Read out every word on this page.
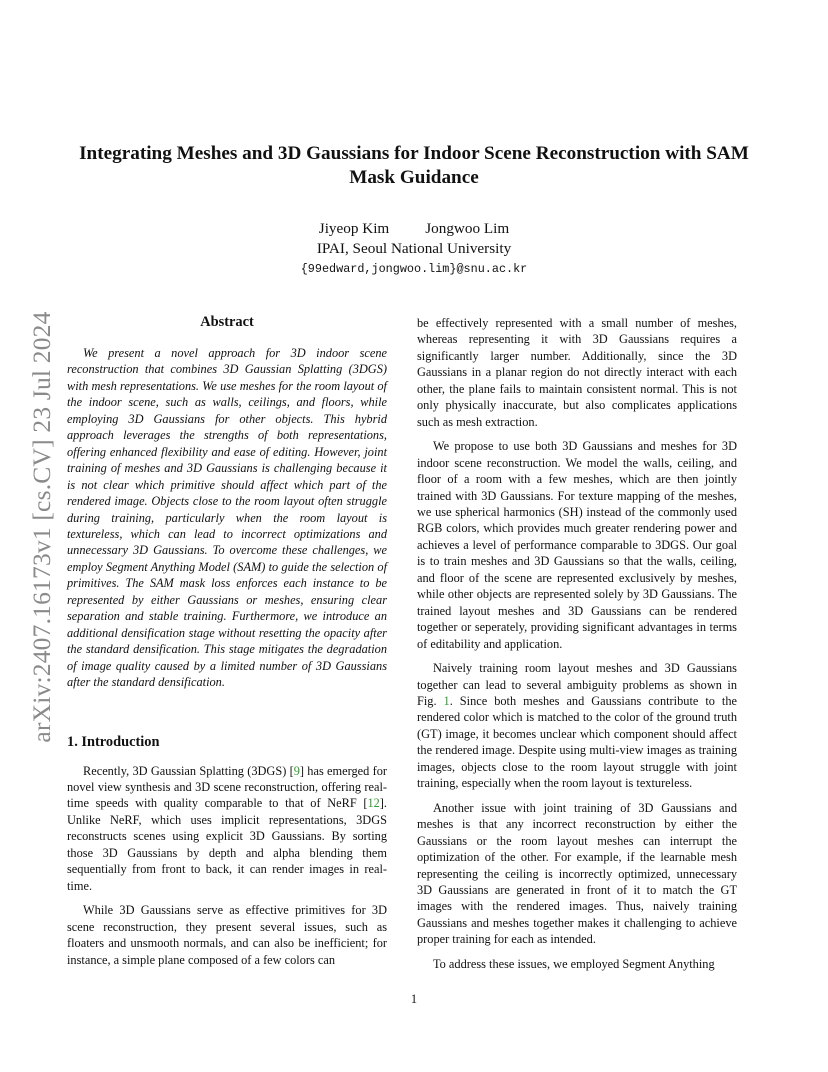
arXiv:2407.16173v1 [cs.CV] 23 Jul 2024
Integrating Meshes and 3D Gaussians for Indoor Scene Reconstruction with SAM Mask Guidance
Jiyeop Kim Jongwoo Lim
IPAI, Seoul National University
{99edward,jongwoo.lim}@snu.ac.kr
Abstract

We present a novel approach for 3D indoor scene reconstruction that combines 3D Gaussian Splatting (3DGS) with mesh representations. We use meshes for the room layout of the indoor scene, such as walls, ceilings, and floors, while employing 3D Gaussians for other objects. This hybrid approach leverages the strengths of both representations, offering enhanced flexibility and ease of editing. However, joint training of meshes and 3D Gaussians is challenging because it is not clear which primitive should affect which part of the rendered image. Objects close to the room layout often struggle during training, particularly when the room layout is textureless, which can lead to incorrect optimizations and unnecessary 3D Gaussians. To overcome these challenges, we employ Segment Anything Model (SAM) to guide the selection of primitives. The SAM mask loss enforces each instance to be represented by either Gaussians or meshes, ensuring clear separation and stable training. Furthermore, we introduce an additional densification stage without resetting the opacity after the standard densification. This stage mitigates the degradation of image quality caused by a limited number of 3D Gaussians after the standard densification.

1. Introduction

Recently, 3D Gaussian Splatting (3DGS) [9] has emerged for novel view synthesis and 3D scene reconstruction, offering real-time speeds with quality comparable to that of NeRF [12]. Unlike NeRF, which uses implicit representations, 3DGS reconstructs scenes using explicit 3D Gaussians. By sorting those 3D Gaussians by depth and alpha blending them sequentially from front to back, it can render images in real-time.

While 3D Gaussians serve as effective primitives for 3D scene reconstruction, they present several issues, such as floaters and unsmooth normals, and can also be inefficient; for instance, a simple plane composed of a few colors can

be effectively represented with a small number of meshes, whereas representing it with 3D Gaussians requires a significantly larger number. Additionally, since the 3D Gaussians in a planar region do not directly interact with each other, the plane fails to maintain consistent normal. This is not only physically inaccurate, but also complicates applications such as mesh extraction.

We propose to use both 3D Gaussians and meshes for 3D indoor scene reconstruction. We model the walls, ceiling, and floor of a room with a few meshes, which are then jointly trained with 3D Gaussians. For texture mapping of the meshes, we use spherical harmonics (SH) instead of the commonly used RGB colors, which provides much greater rendering power and achieves a level of performance comparable to 3DGS. Our goal is to train meshes and 3D Gaussians so that the walls, ceiling, and floor of the scene are represented exclusively by meshes, while other objects are represented solely by 3D Gaussians. The trained layout meshes and 3D Gaussians can be rendered together or seperately, providing significant advantages in terms of editability and application.

Naively training room layout meshes and 3D Gaussians together can lead to several ambiguity problems as shown in Fig. 1. Since both meshes and Gaussians contribute to the rendered color which is matched to the color of the ground truth (GT) image, it becomes unclear which component should affect the rendered image. Despite using multi-view images as training images, objects close to the room layout struggle with joint training, especially when the room layout is textureless.

Another issue with joint training of 3D Gaussians and meshes is that any incorrect reconstruction by either the Gaussians or the room layout meshes can interrupt the optimization of the other. For example, if the learnable mesh representing the ceiling is incorrectly optimized, unnecessary 3D Gaussians are generated in front of it to match the GT images with the rendered images. Thus, naively training Gaussians and meshes together makes it challenging to achieve proper training for each as intended.

To address these issues, we employed Segment Anything

1
